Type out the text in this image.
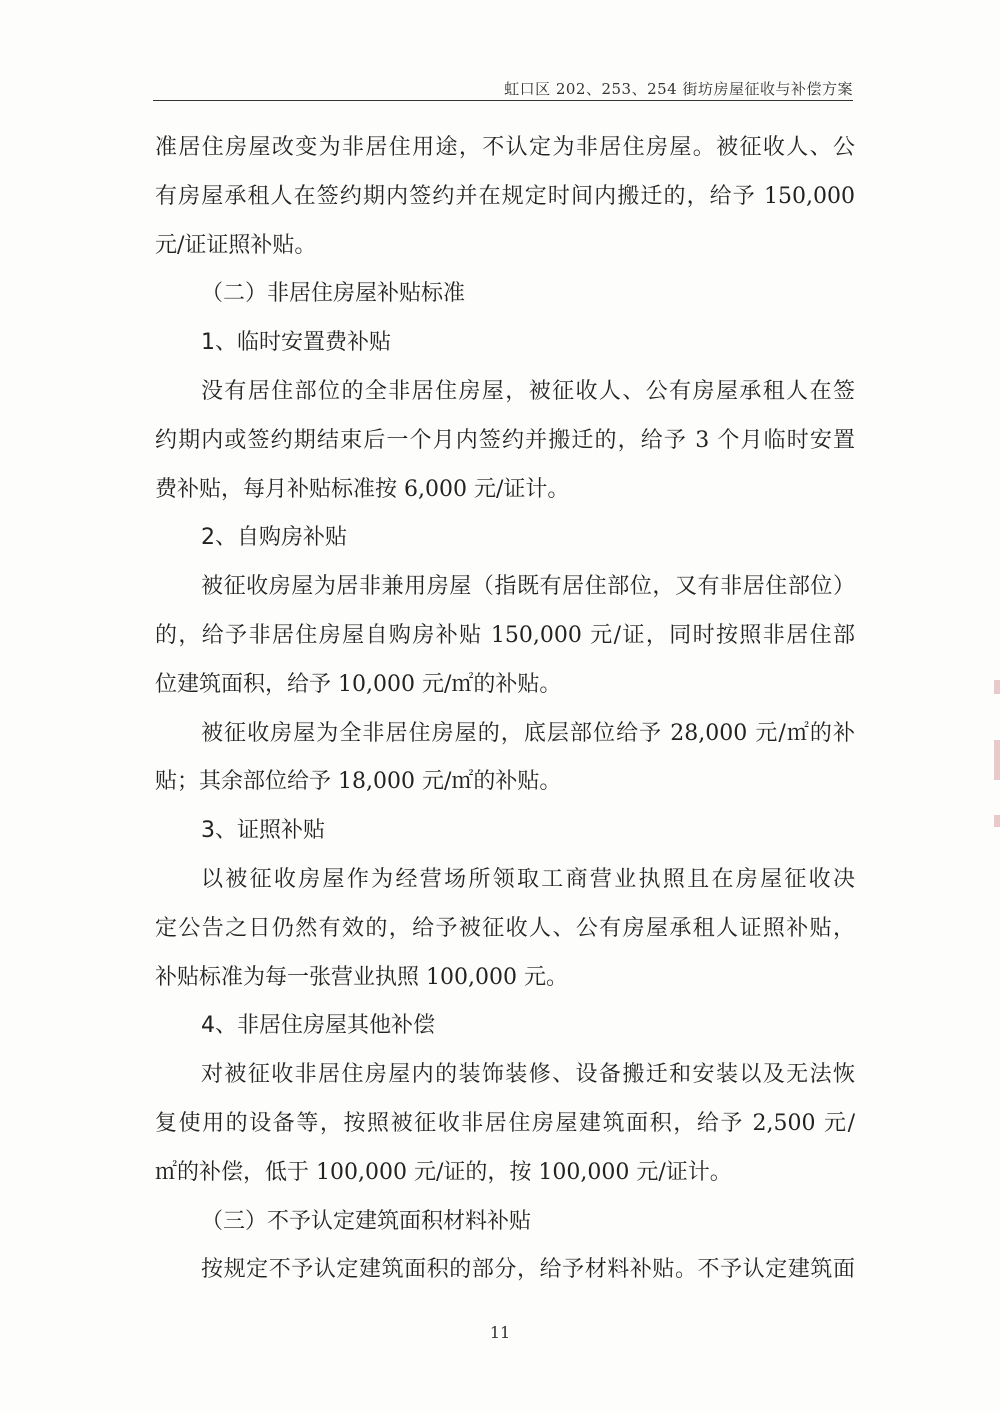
虹口区 202、253、254 街坊房屋征收与补偿方案
准居住房屋改变为非居住用途，不认定为非居住房屋。被征收人、公
有房屋承租人在签约期内签约并在规定时间内搬迁的，给予 150,000
元/证证照补贴。
（二）非居住房屋补贴标准
1、临时安置费补贴
没有居住部位的全非居住房屋，被征收人、公有房屋承租人在签
约期内或签约期结束后一个月内签约并搬迁的，给予 3 个月临时安置
费补贴，每月补贴标准按 6,000 元/证计。
2、自购房补贴
被征收房屋为居非兼用房屋（指既有居住部位，又有非居住部位）
的，给予非居住房屋自购房补贴 150,000 元/证，同时按照非居住部
位建筑面积，给予 10,000 元/㎡的补贴。
被征收房屋为全非居住房屋的，底层部位给予 28,000 元/㎡的补
贴；其余部位给予 18,000 元/㎡的补贴。
3、证照补贴
以被征收房屋作为经营场所领取工商营业执照且在房屋征收决
定公告之日仍然有效的，给予被征收人、公有房屋承租人证照补贴，
补贴标准为每一张营业执照 100,000 元。
4、非居住房屋其他补偿
对被征收非居住房屋内的装饰装修、设备搬迁和安装以及无法恢
复使用的设备等，按照被征收非居住房屋建筑面积，给予 2,500 元/
㎡的补偿，低于 100,000 元/证的，按 100,000 元/证计。
（三）不予认定建筑面积材料补贴
按规定不予认定建筑面积的部分，给予材料补贴。不予认定建筑面
11
